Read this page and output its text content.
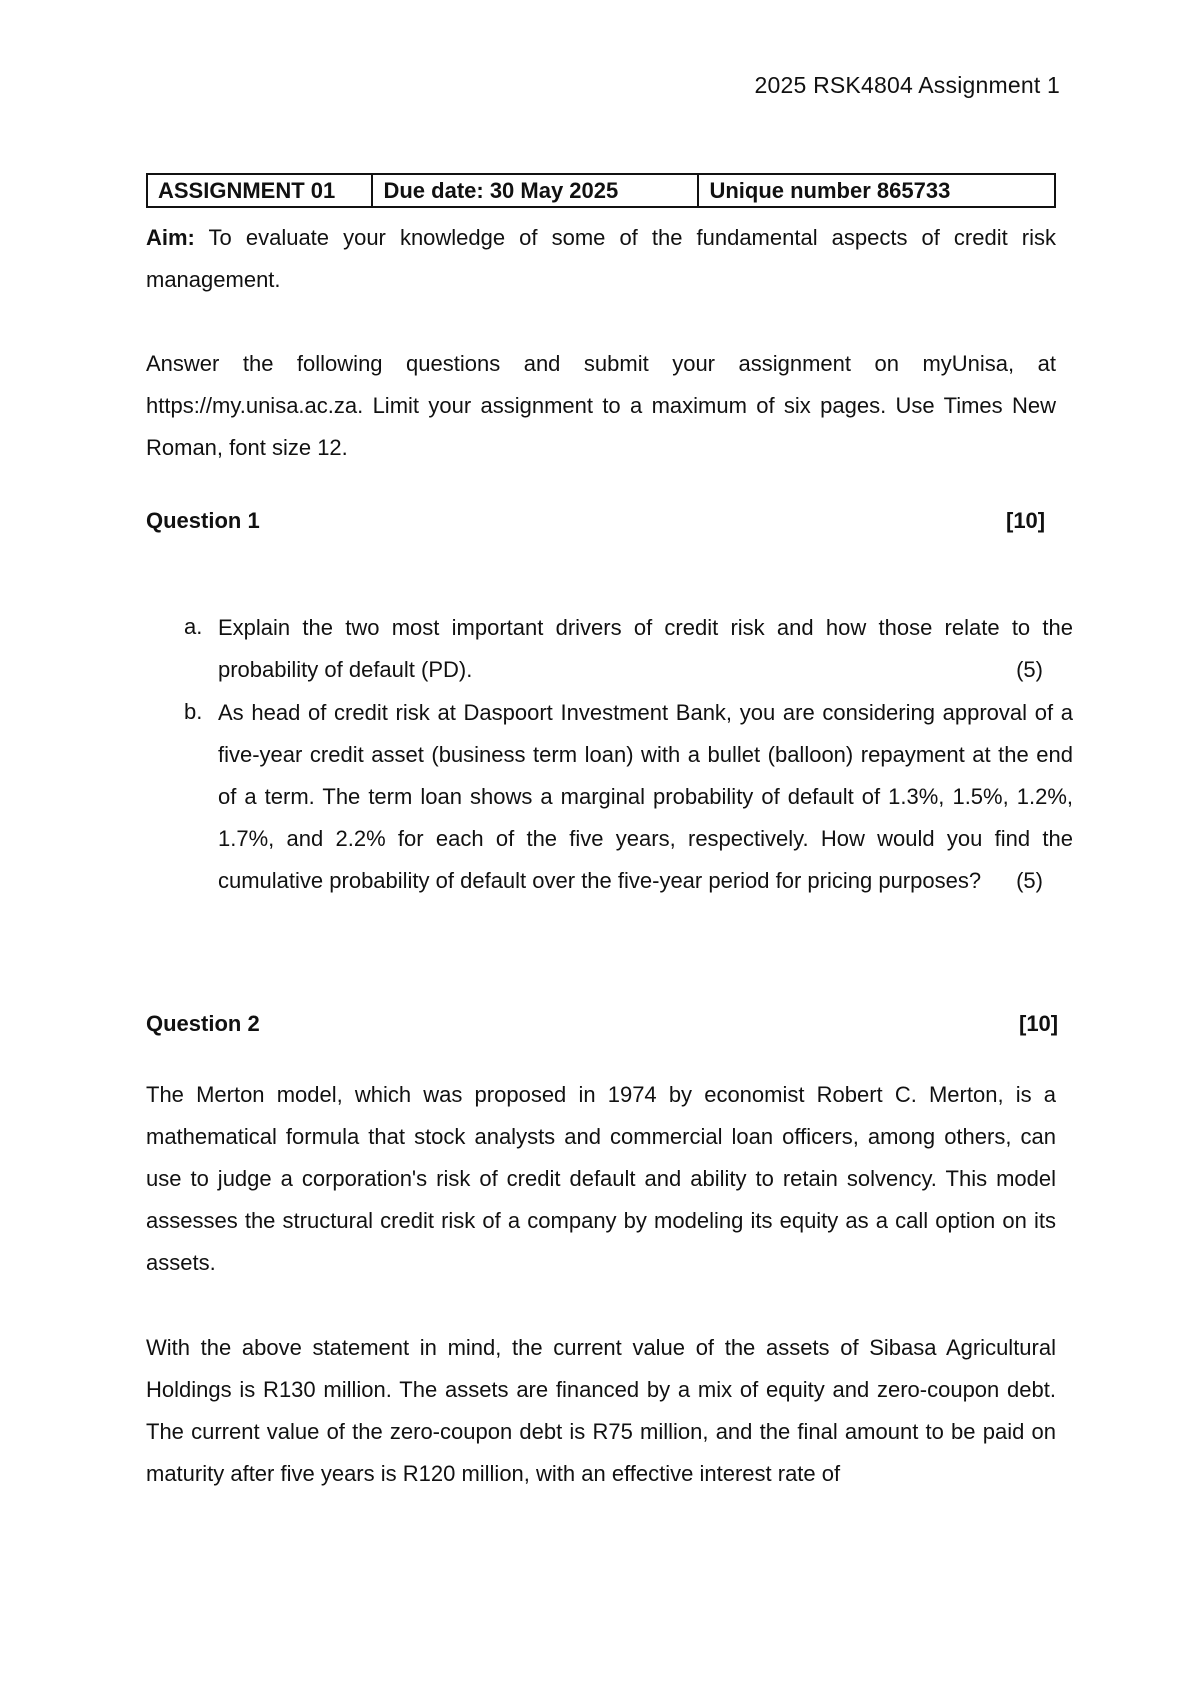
2025 RSK4804 Assignment 1
ASSIGNMENT 01	Due date: 30 May 2025	Unique number 865733

Aim: To evaluate your knowledge of some of the fundamental aspects of credit risk management.

Answer the following questions and submit your assignment on myUnisa, at https://my.unisa.ac.za. Limit your assignment to a maximum of six pages. Use Times New Roman, font size 12.

Question 1	[10]
a. Explain the two most important drivers of credit risk and how those relate to the probability of default (PD).	(5)
b. As head of credit risk at Daspoort Investment Bank, you are considering approval of a five-year credit asset (business term loan) with a bullet (balloon) repayment at the end of a term. The term loan shows a marginal probability of default of 1.3%, 1.5%, 1.2%, 1.7%, and 2.2% for each of the five years, respectively. How would you find the cumulative probability of default over the five-year period for pricing purposes? (5)
Question 2	[10]

The Merton model, which was proposed in 1974 by economist Robert C. Merton, is a mathematical formula that stock analysts and commercial loan officers, among others, can use to judge a corporation's risk of credit default and ability to retain solvency. This model assesses the structural credit risk of a company by modeling its equity as a call option on its assets.

With the above statement in mind, the current value of the assets of Sibasa Agricultural Holdings is R130 million. The assets are financed by a mix of equity and zero-coupon debt. The current value of the zero-coupon debt is R75 million, and the final amount to be paid on maturity after five years is R120 million, with an effective interest rate of
